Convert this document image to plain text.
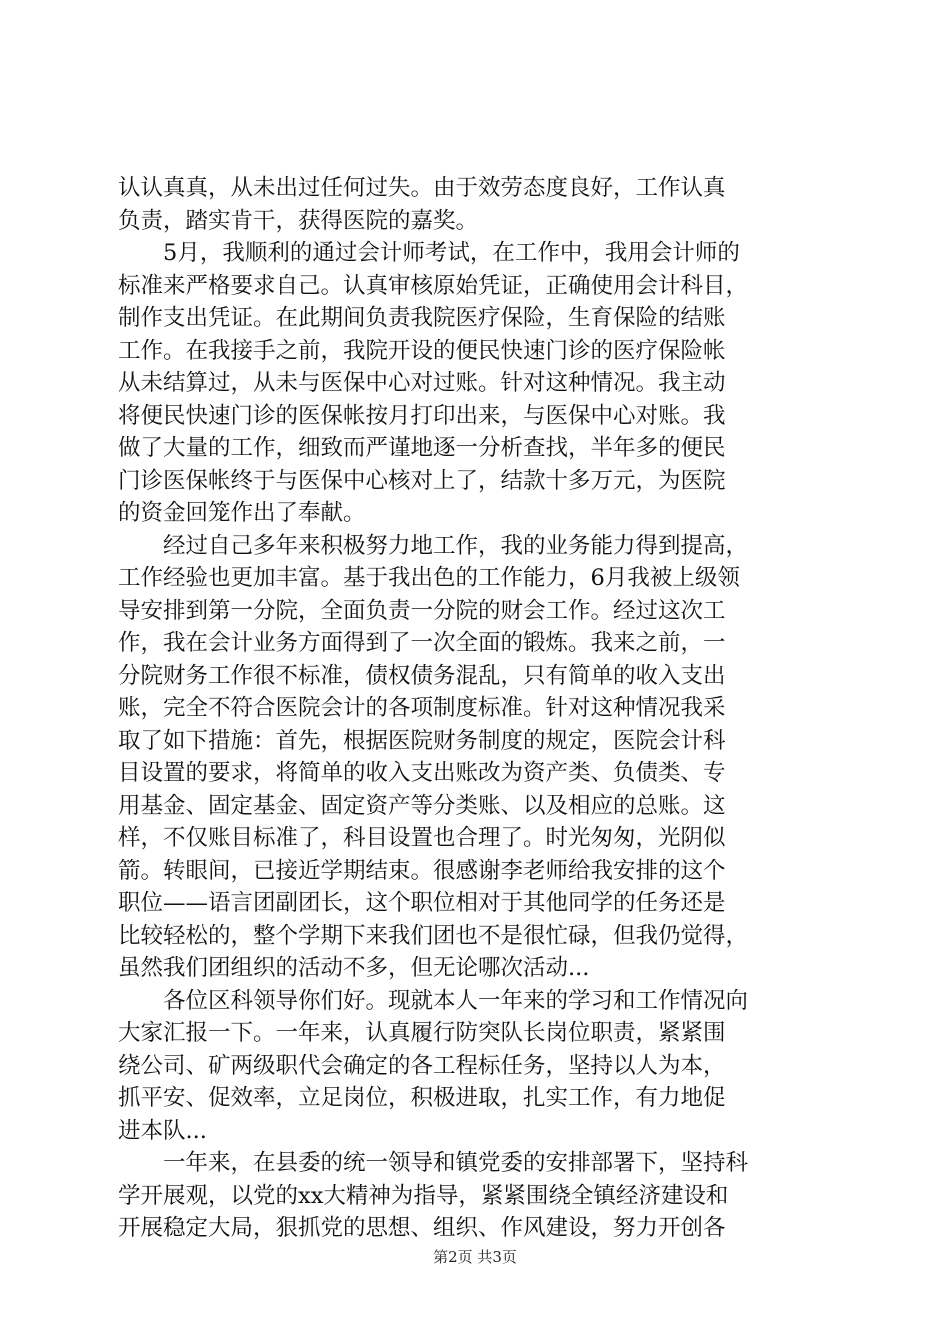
认认真真，从未出过任何过失。由于效劳态度良好，工作认真
负责，踏实肯干，获得医院的嘉奖。
　　5月，我顺利的通过会计师考试，在工作中，我用会计师的
标准来严格要求自己。认真审核原始凭证，正确使用会计科目，
制作支出凭证。在此期间负责我院医疗保险，生育保险的结账
工作。在我接手之前，我院开设的便民快速门诊的医疗保险帐
从未结算过，从未与医保中心对过账。针对这种情况。我主动
将便民快速门诊的医保帐按月打印出来，与医保中心对账。我
做了大量的工作，细致而严谨地逐一分析查找，半年多的便民
门诊医保帐终于与医保中心核对上了，结款十多万元，为医院
的资金回笼作出了奉献。
　　经过自己多年来积极努力地工作，我的业务能力得到提高，
工作经验也更加丰富。基于我出色的工作能力，6月我被上级领
导安排到第一分院，全面负责一分院的财会工作。经过这次工
作，我在会计业务方面得到了一次全面的锻炼。我来之前，一
分院财务工作很不标准，债权债务混乱，只有简单的收入支出
账，完全不符合医院会计的各项制度标准。针对这种情况我采
取了如下措施：首先，根据医院财务制度的规定，医院会计科
目设置的要求，将简单的收入支出账改为资产类、负债类、专
用基金、固定基金、固定资产等分类账、以及相应的总账。这
样，不仅账目标准了，科目设置也合理了。时光匆匆，光阴似
箭。转眼间，已接近学期结束。很感谢李老师给我安排的这个
职位——语言团副团长，这个职位相对于其他同学的任务还是
比较轻松的，整个学期下来我们团也不是很忙碌，但我仍觉得，
虽然我们团组织的活动不多，但无论哪次活动...
　　各位区科领导你们好。现就本人一年来的学习和工作情况向
大家汇报一下。一年来，认真履行防突队长岗位职责，紧紧围
绕公司、矿两级职代会确定的各工程标任务，坚持以人为本，
抓平安、促效率，立足岗位，积极进取，扎实工作，有力地促
进本队...
　　一年来，在县委的统一领导和镇党委的安排部署下，坚持科
学开展观，以党的xx大精神为指导，紧紧围绕全镇经济建设和
开展稳定大局，狠抓党的思想、组织、作风建设，努力开创各
第2页 共3页
